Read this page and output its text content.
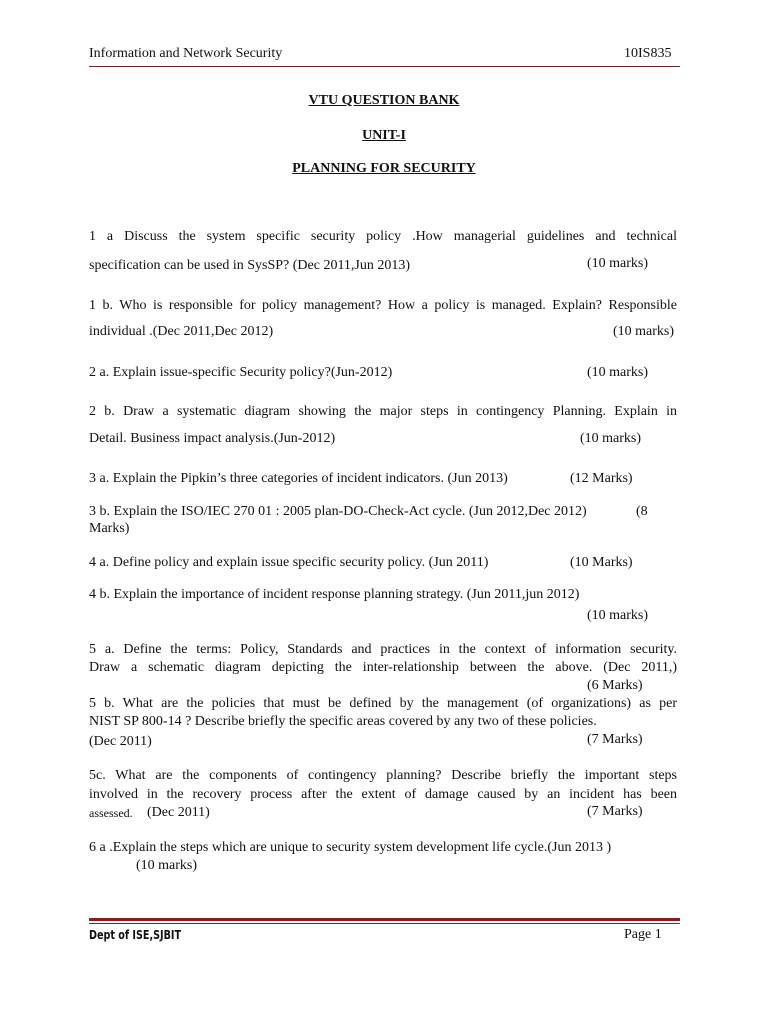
Information and Network Security	10IS835
VTU QUESTION BANK
UNIT-I
PLANNING FOR SECURITY
1 a Discuss the system specific security policy .How managerial guidelines and technical
specification can be used in SysSP? (Dec 2011,Jun 2013)	(10 marks)
1 b. Who is responsible for policy management? How a policy is managed. Explain? Responsible
individual .(Dec 2011,Dec 2012)	(10 marks)
2 a. Explain issue-specific Security policy?(Jun-2012)	(10 marks)
2 b. Draw a systematic diagram showing the major steps in contingency Planning. Explain in
Detail. Business impact analysis.(Jun-2012)	(10 marks)
3 a. Explain the Pipkin’s three categories of incident indicators. (Jun 2013)	(12 Marks)
3 b. Explain the ISO/IEC 270 01 : 2005 plan-DO-Check-Act cycle. (Jun 2012,Dec 2012)	(8
Marks)
4 a. Define policy and explain issue specific security policy. (Jun 2011)	(10 Marks)
4 b. Explain the importance of incident response planning strategy. (Jun 2011,jun 2012)
(10 marks)
5 a. Define the terms: Policy, Standards and practices in the context of information security.
Draw a schematic diagram depicting the inter-relationship between the above. (Dec 2011,)
(6 Marks)
5 b. What are the policies that must be defined by the management (of organizations) as per
NIST SP 800-14 ? Describe briefly the specific areas covered by any two of these policies.
(Dec 2011)	(7 Marks)
5c. What are the components of contingency planning? Describe briefly the important steps
involved in the recovery process after the extent of damage caused by an incident has been
assessed. (Dec 2011)	(7 Marks)
6 a .Explain the steps which are unique to security system development life cycle.(Jun 2013 )
(10 marks)
Dept of ISE,SJBIT	Page 1
